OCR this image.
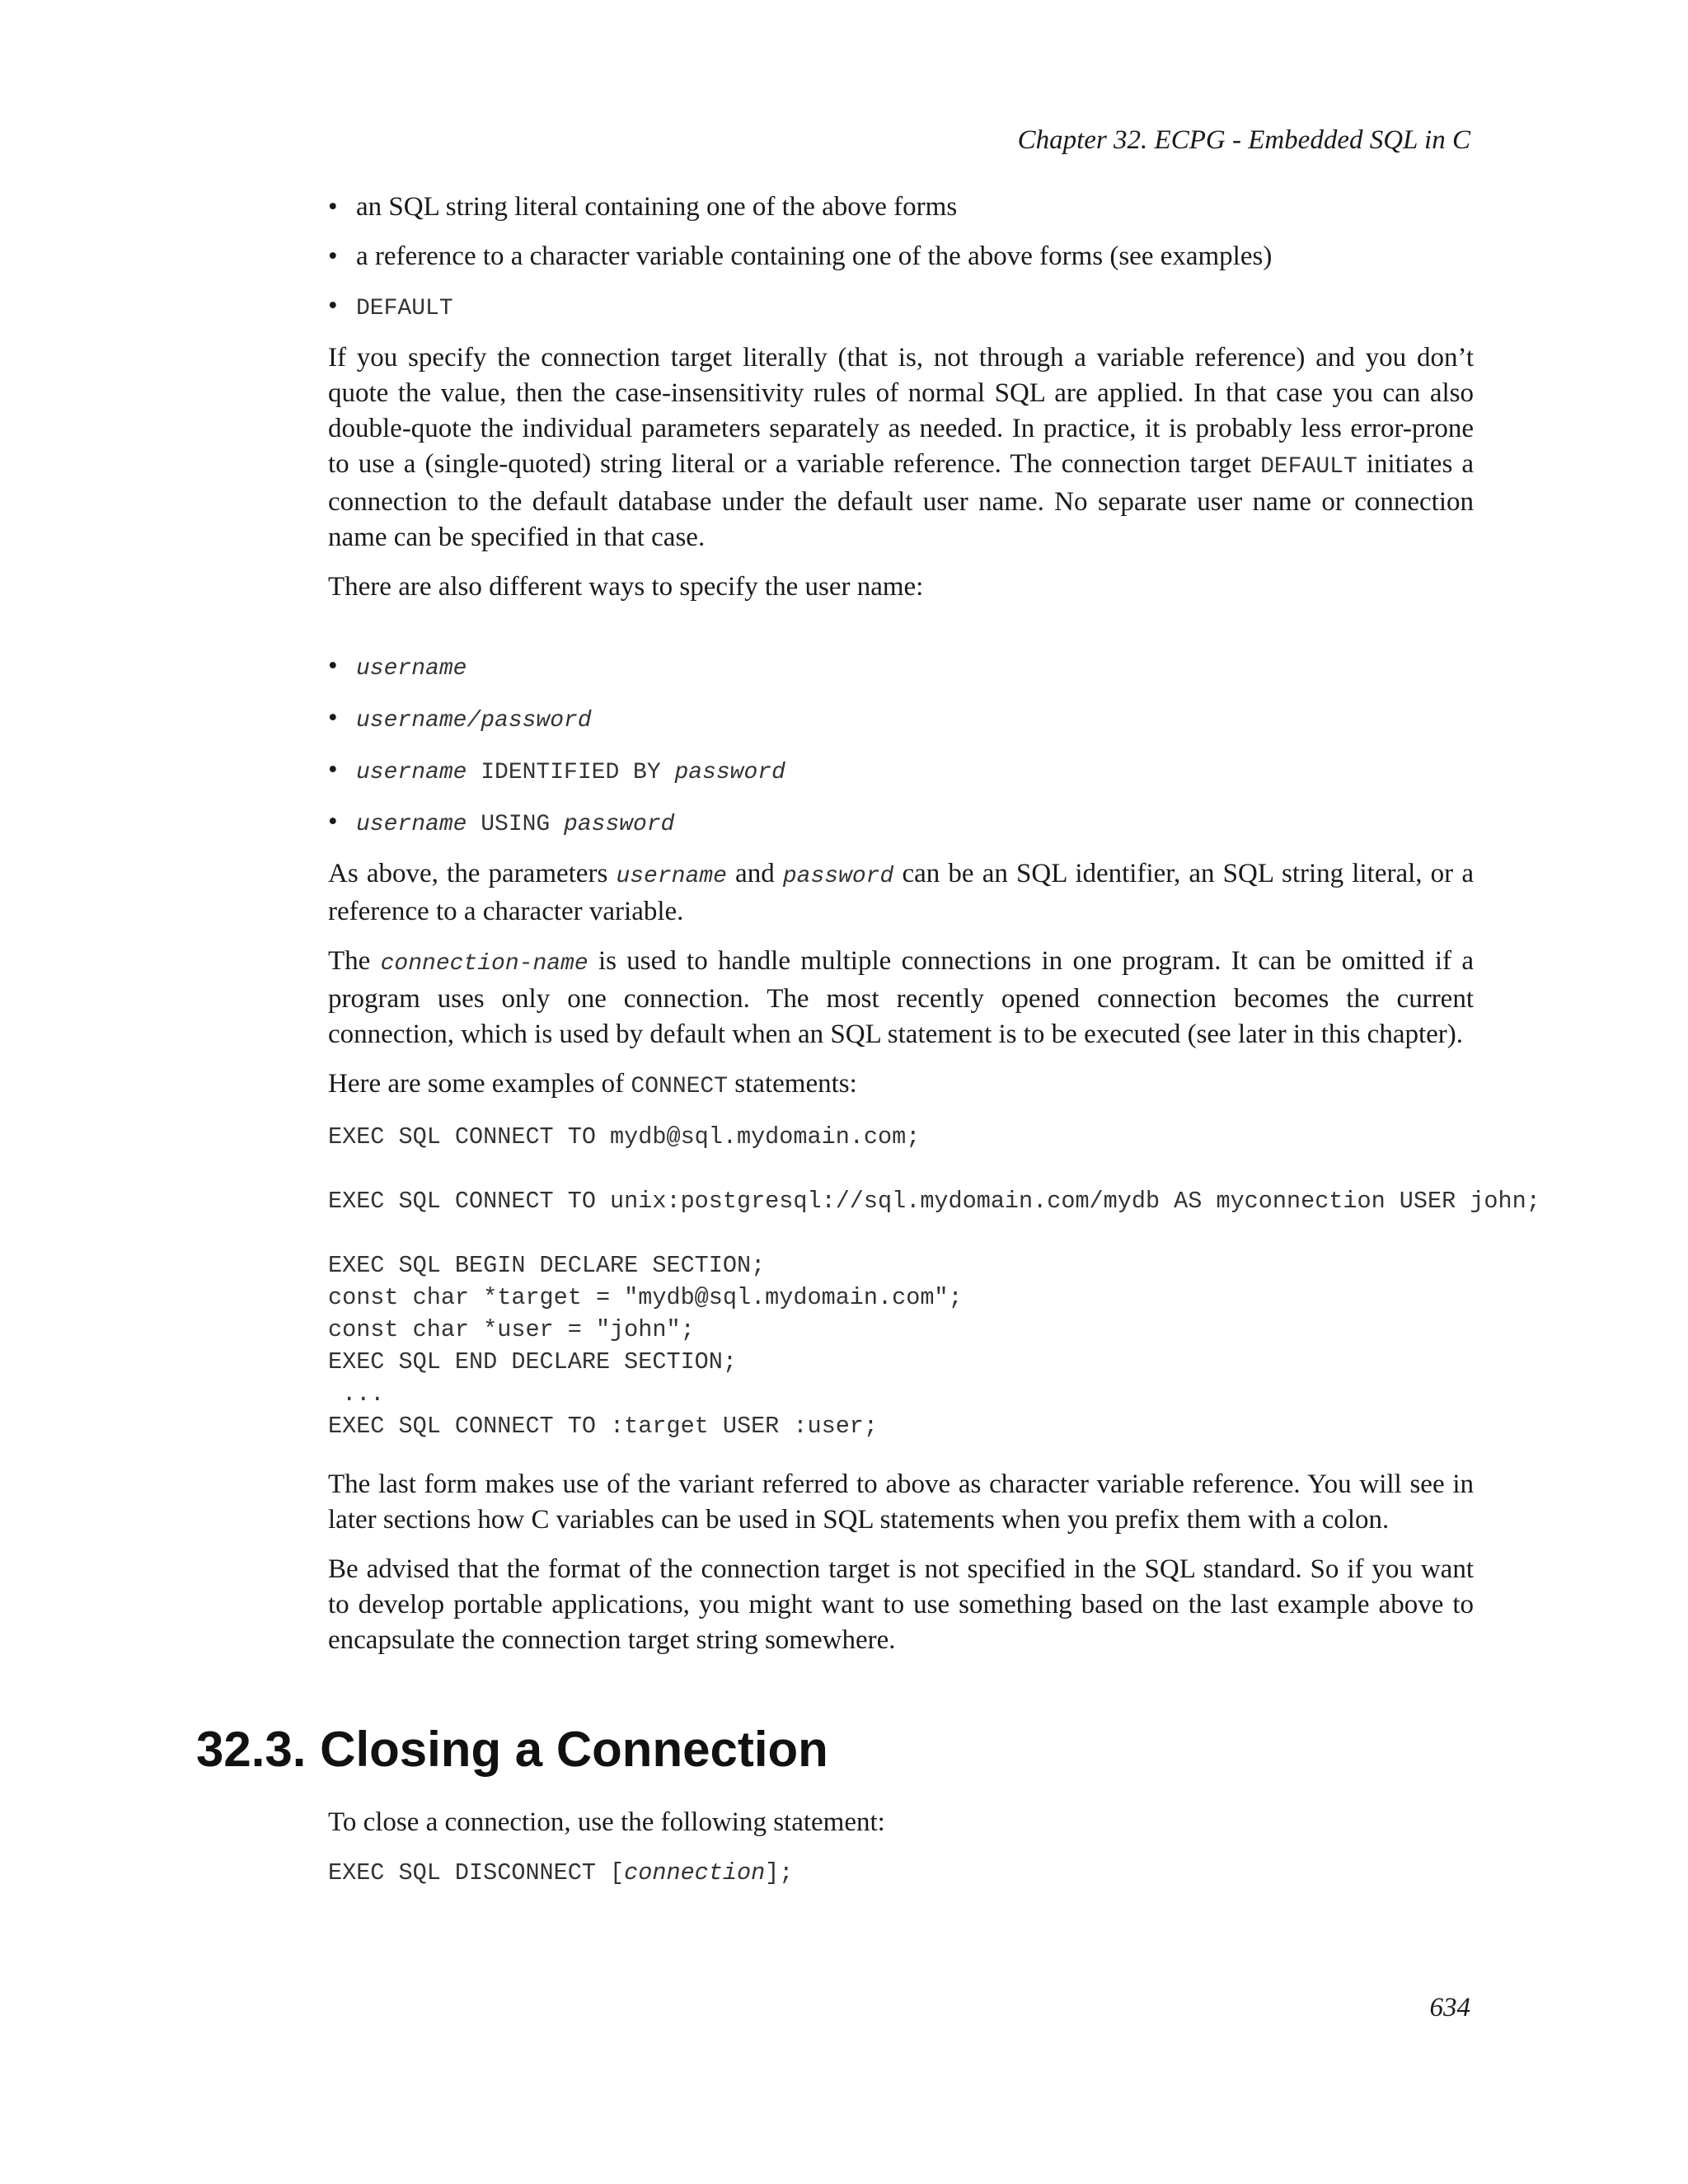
Chapter 32. ECPG - Embedded SQL in C
• an SQL string literal containing one of the above forms
• a reference to a character variable containing one of the above forms (see examples)
• DEFAULT

If you specify the connection target literally (that is, not through a variable reference) and you don’t quote the value, then the case-insensitivity rules of normal SQL are applied. In that case you can also double-quote the individual parameters separately as needed. In practice, it is probably less error-prone to use a (single-quoted) string literal or a variable reference. The connection target DEFAULT initiates a connection to the default database under the default user name. No separate user name or connection name can be specified in that case.

There are also different ways to specify the user name:

• username
• username/password
• username IDENTIFIED BY password
• username USING password

As above, the parameters username and password can be an SQL identifier, an SQL string literal, or a reference to a character variable.

The connection-name is used to handle multiple connections in one program. It can be omitted if a program uses only one connection. The most recently opened connection becomes the current connection, which is used by default when an SQL statement is to be executed (see later in this chapter).

Here are some examples of CONNECT statements:

EXEC SQL CONNECT TO mydb@sql.mydomain.com;

EXEC SQL CONNECT TO unix:postgresql://sql.mydomain.com/mydb AS myconnection USER john;

EXEC SQL BEGIN DECLARE SECTION;
const char *target = "mydb@sql.mydomain.com";
const char *user = "john";
EXEC SQL END DECLARE SECTION;
...
EXEC SQL CONNECT TO :target USER :user;

The last form makes use of the variant referred to above as character variable reference. You will see in later sections how C variables can be used in SQL statements when you prefix them with a colon.

Be advised that the format of the connection target is not specified in the SQL standard. So if you want to develop portable applications, you might want to use something based on the last example above to encapsulate the connection target string somewhere.

32.3. Closing a Connection

To close a connection, use the following statement:

EXEC SQL DISCONNECT [connection];
634
